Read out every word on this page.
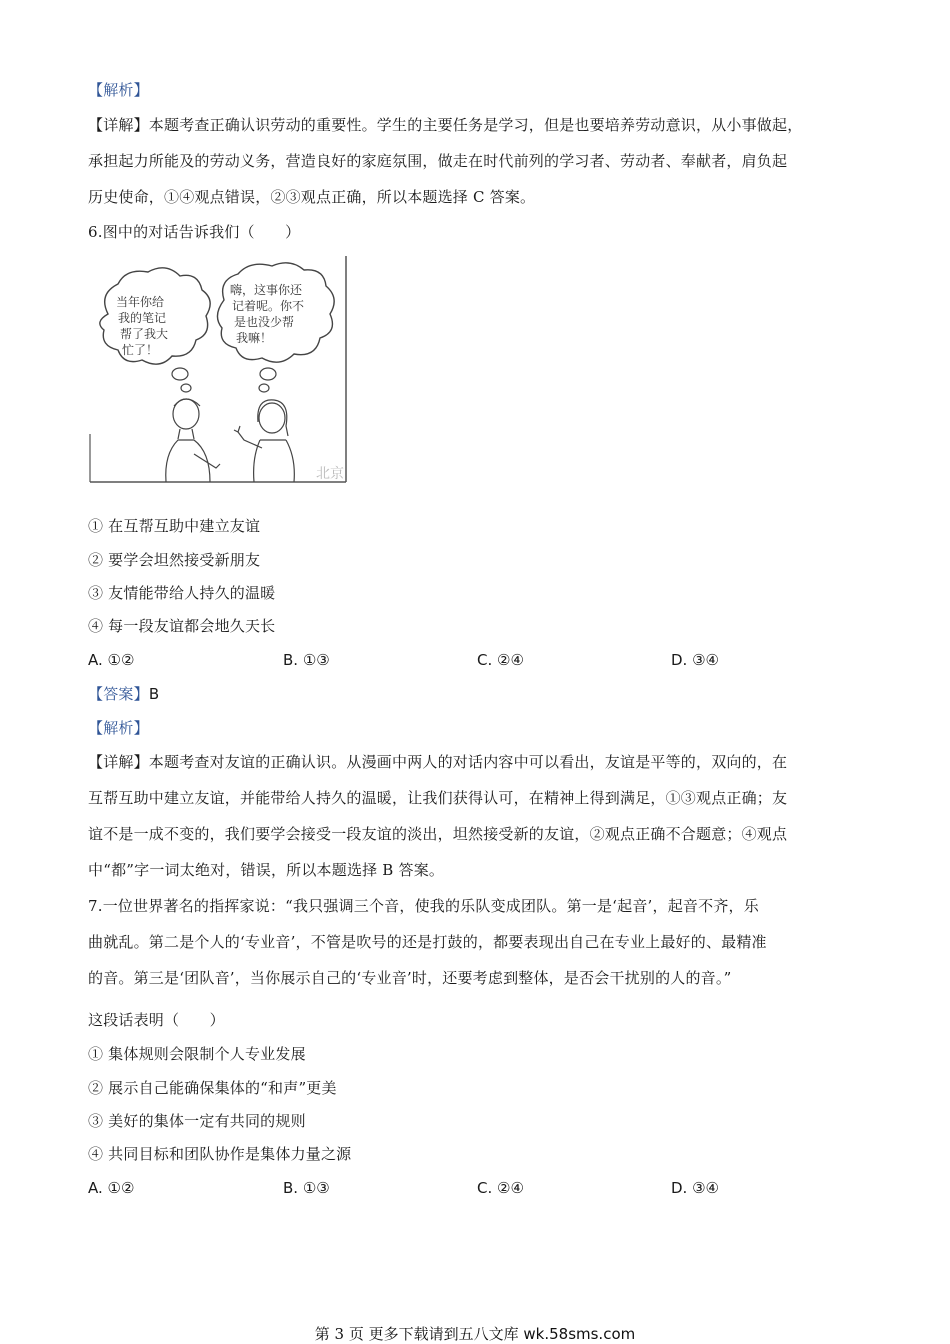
【解析】
【详解】本题考查正确认识劳动的重要性。学生的主要任务是学习，但是也要培养劳动意识，从小事做起，
承担起力所能及的劳动义务，营造良好的家庭氛围，做走在时代前列的学习者、劳动者、奉献者，肩负起
历史使命，①④观点错误，②③观点正确，所以本题选择 C 答案。
6.图中的对话告诉我们（　　）
当年你给
我的笔记
帮了我大
忙了！
嗨，这事你还
记着呢。你不
是也没少帮
我嘛！
北京
① 在互帮互助中建立友谊
② 要学会坦然接受新朋友
③ 友情能带给人持久的温暖
④ 每一段友谊都会地久天长
A. ①②	B. ①③	C. ②④	D. ③④
【答案】B
【解析】
【详解】本题考查对友谊的正确认识。从漫画中两人的对话内容中可以看出，友谊是平等的，双向的，在
互帮互助中建立友谊，并能带给人持久的温暖，让我们获得认可，在精神上得到满足，①③观点正确；友
谊不是一成不变的，我们要学会接受一段友谊的淡出，坦然接受新的友谊，②观点正确不合题意；④观点
中“都”字一词太绝对，错误，所以本题选择 B 答案。
7.一位世界著名的指挥家说：“我只强调三个音，使我的乐队变成团队。第一是‘起音’，起音不齐，乐
曲就乱。第二是个人的‘专业音’，不管是吹号的还是打鼓的，都要表现出自己在专业上最好的、最精准
的音。第三是‘团队音’，当你展示自己的‘专业音’时，还要考虑到整体，是否会干扰别的人的音。”
这段话表明（　　）
① 集体规则会限制个人专业发展
② 展示自己能确保集体的“和声”更美
③ 美好的集体一定有共同的规则
④ 共同目标和团队协作是集体力量之源
A. ①②	B. ①③	C. ②④	D. ③④
第 3 页 更多下载请到五八文库 wk.58sms.com
